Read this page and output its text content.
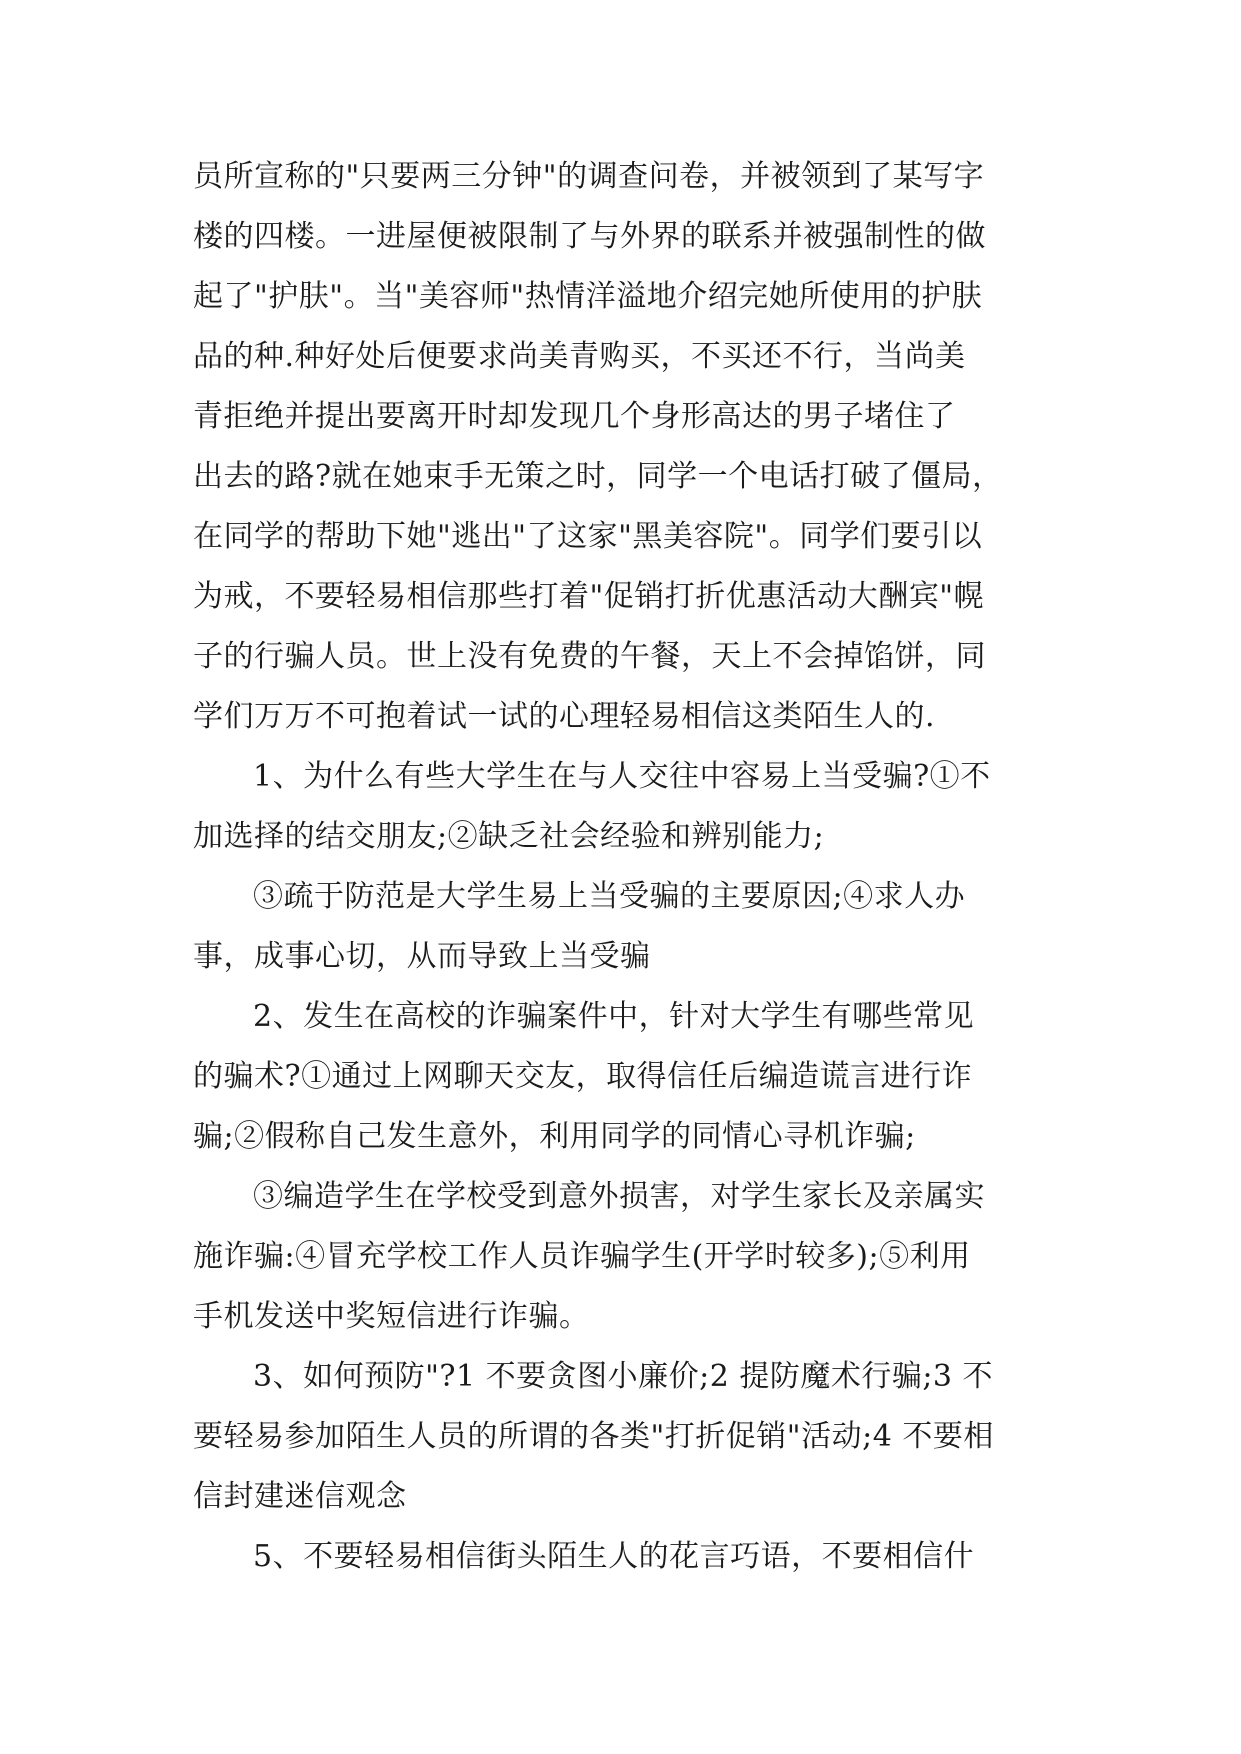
员所宣称的"只要两三分钟"的调查问卷，并被领到了某写字
楼的四楼。一进屋便被限制了与外界的联系并被强制性的做
起了"护肤"。当"美容师"热情洋溢地介绍完她所使用的护肤
品的种.种好处后便要求尚美青购买，不买还不行，当尚美
青拒绝并提出要离开时却发现几个身形高达的男子堵住了
出去的路?就在她束手无策之时，同学一个电话打破了僵局，
在同学的帮助下她"逃出"了这家"黑美容院"。同学们要引以
为戒，不要轻易相信那些打着"促销打折优惠活动大酬宾"幌
子的行骗人员。世上没有免费的午餐，天上不会掉馅饼，同
学们万万不可抱着试一试的心理轻易相信这类陌生人的.
1、为什么有些大学生在与人交往中容易上当受骗?①不
加选择的结交朋友;②缺乏社会经验和辨别能力;
③疏于防范是大学生易上当受骗的主要原因;④求人办
事，成事心切，从而导致上当受骗
2、发生在高校的诈骗案件中，针对大学生有哪些常见
的骗术?①通过上网聊天交友，取得信任后编造谎言进行诈
骗;②假称自己发生意外，利用同学的同情心寻机诈骗;
③编造学生在学校受到意外损害，对学生家长及亲属实
施诈骗:④冒充学校工作人员诈骗学生(开学时较多);⑤利用
手机发送中奖短信进行诈骗。
3、如何预防"?1 不要贪图小廉价;2 提防魔术行骗;3 不
要轻易参加陌生人员的所谓的各类"打折促销"活动;4 不要相
信封建迷信观念
5、不要轻易相信街头陌生人的花言巧语，不要相信什
